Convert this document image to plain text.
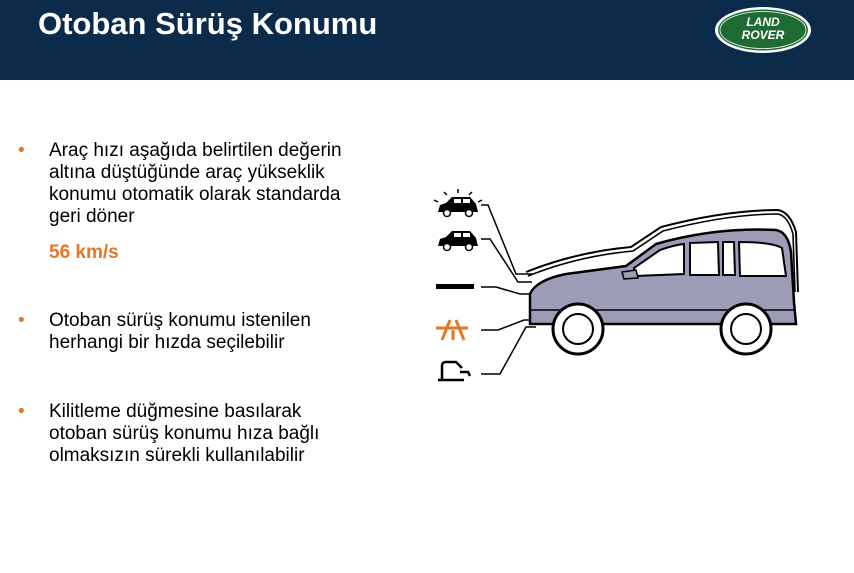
Otoban Sürüş Konumu	LAND
ROVER
• Araç hızı aşağıda belirtilen değerin
altına düştüğünde araç yükseklik
konumu otomatik olarak standarda
geri döner
56 km/s
• Otoban sürüş konumu istenilen
herhangi bir hızda seçilebilir
• Kilitleme düğmesine basılarak
otoban sürüş konumu hıza bağlı
olmaksızın sürekli kullanılabilir
